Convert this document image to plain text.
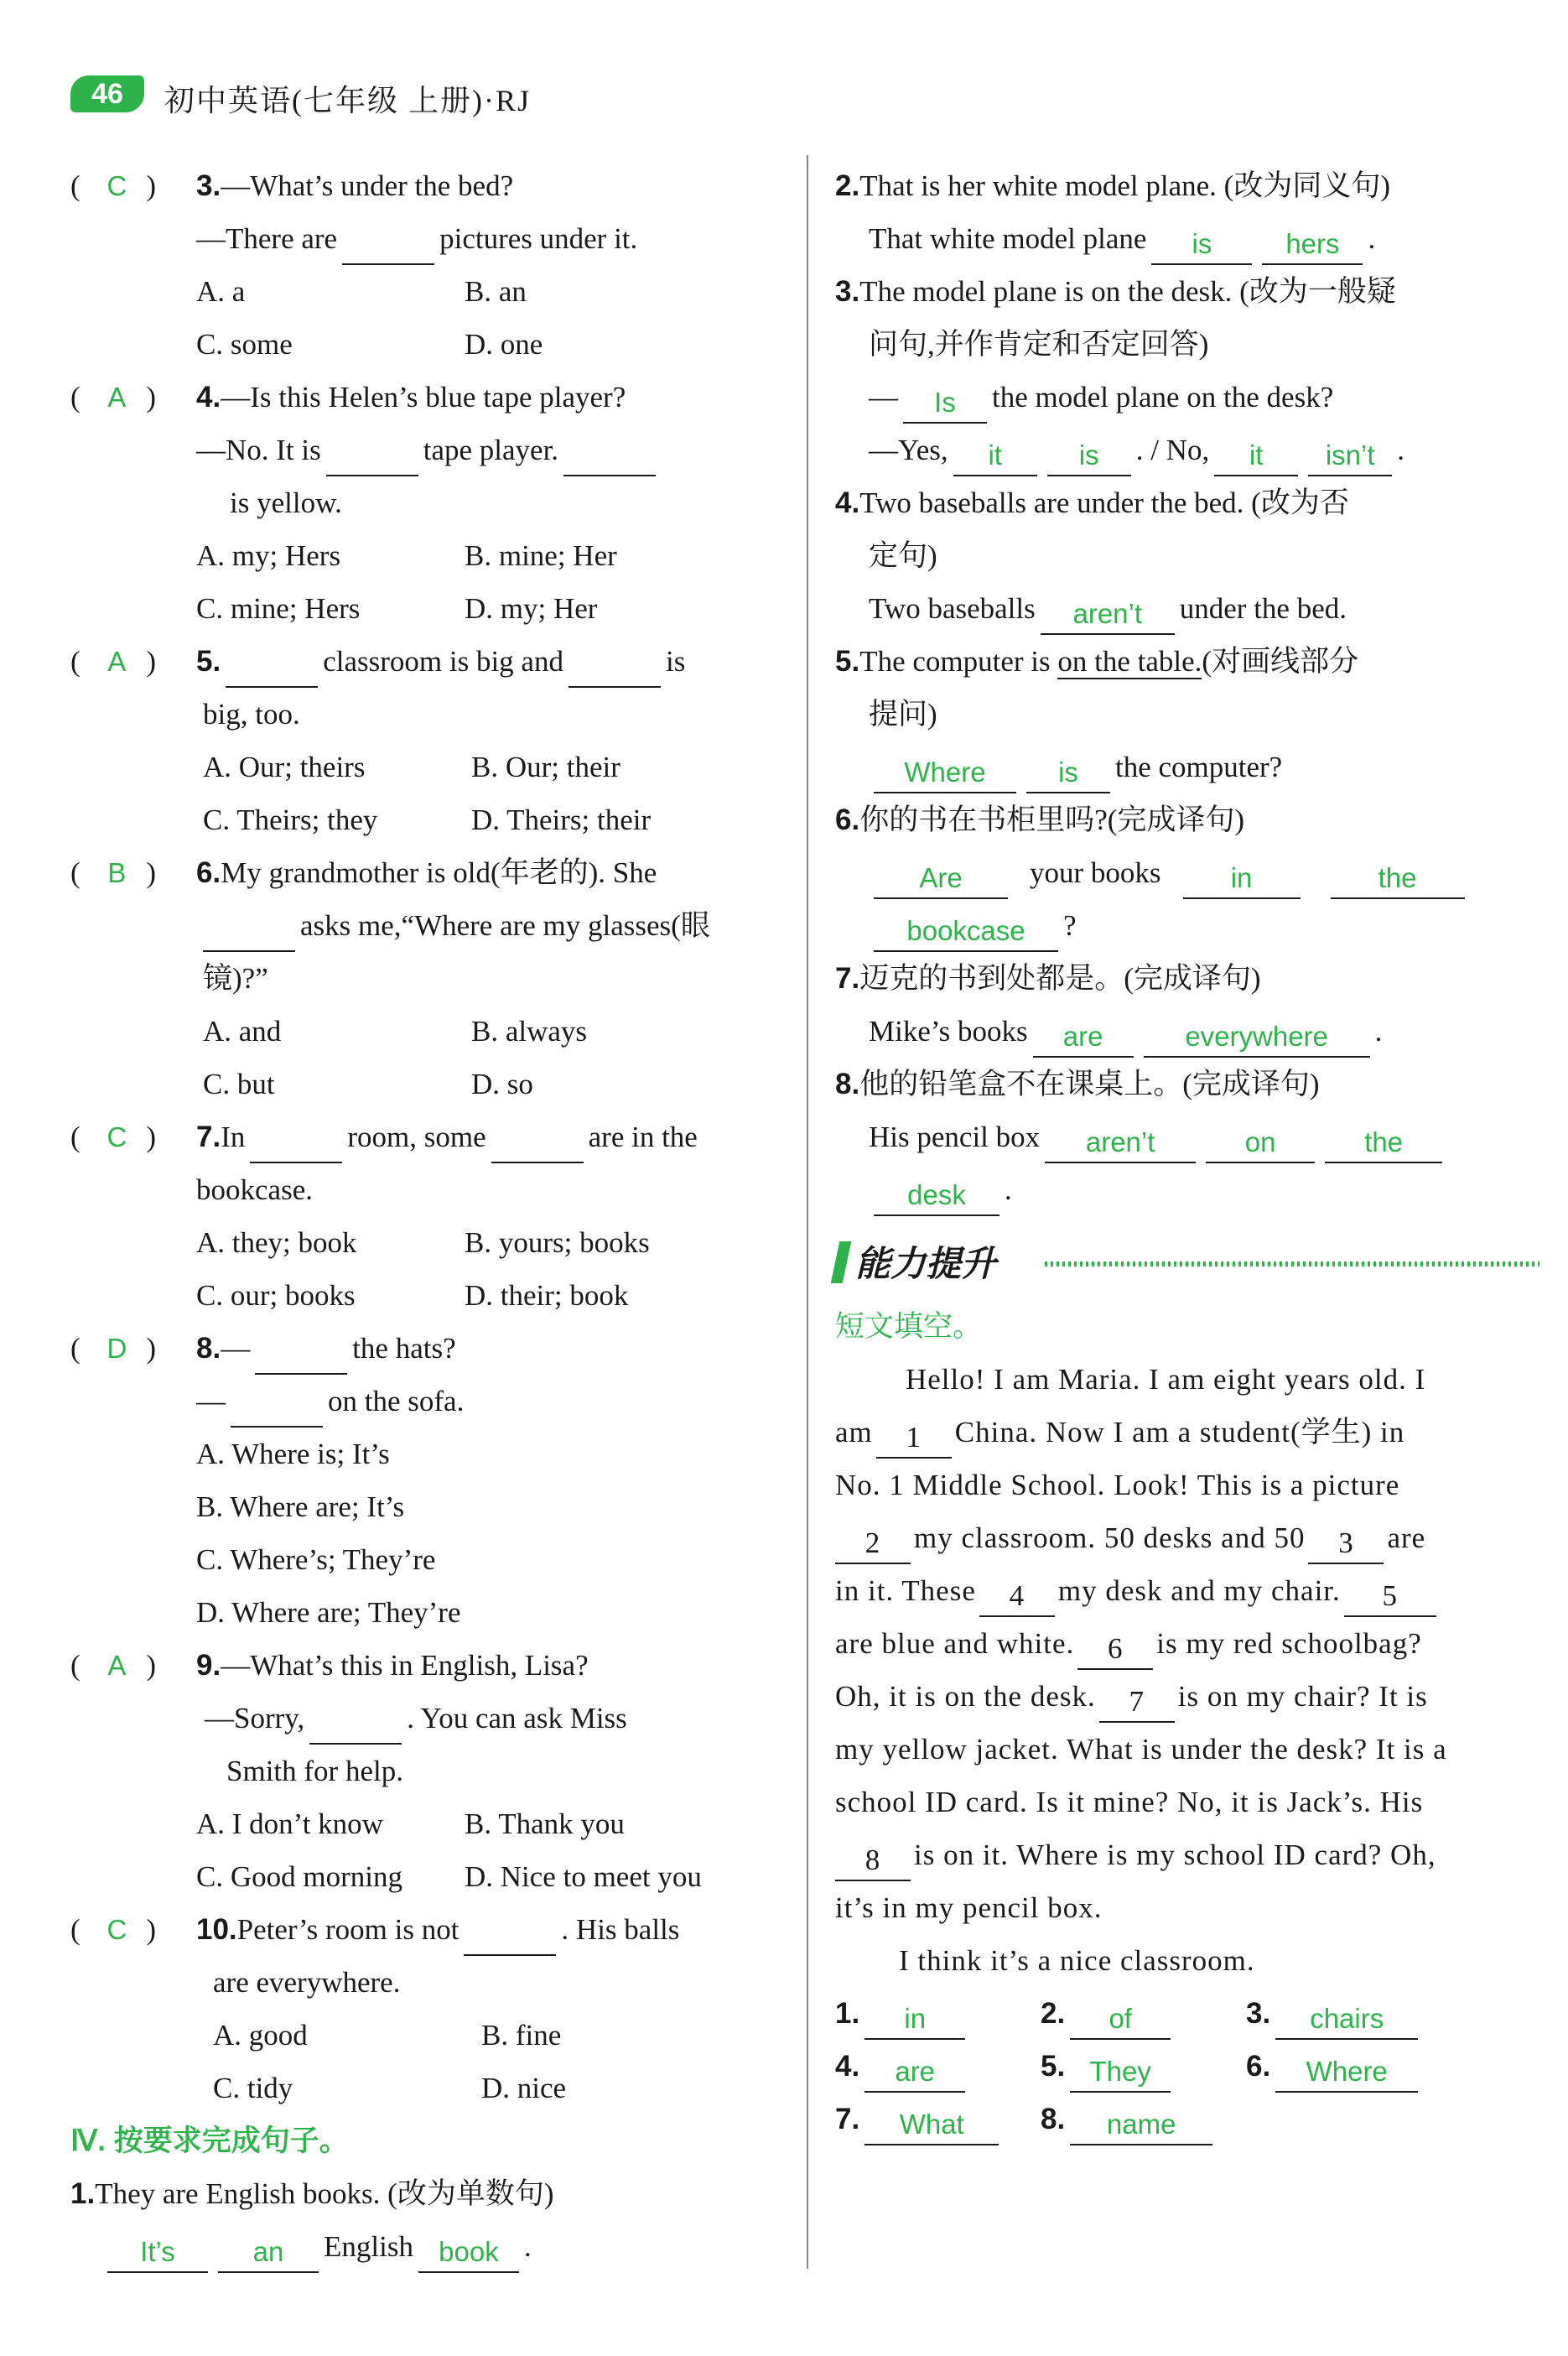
46	初中英语(七年级 上册)·RJ
( C ) 3.—What’s under the bed?
—There are	pictures under it.
A. a	B. an
C. some	D. one
( A ) 4.—Is this Helen’s blue tape player?
—No. It is	tape player.
is yellow.
A. my; Hers	B. mine; Her
C. mine; Hers	D. my; Her
( A ) 5.	classroom is big and	is
big, too.
A. Our; theirs	B. Our; their
C. Theirs; they	D. Theirs; their
( B ) 6.My grandmother is old(年老的). She
asks me,“Where are my glasses(眼
镜)?”
A. and	B. always
C. but	D. so
( C ) 7.In	room, some	are in the
bookcase.
A. they; book	B. yours; books
C. our; books	D. their; book
( D ) 8.—	the hats?
—	on the sofa.
A. Where is; It’s
B. Where are; It’s
C. Where’s; They’re
D. Where are; They’re
( A ) 9.—What’s this in English, Lisa?
—Sorry,	. You can ask Miss
Smith for help.
A. I don’t know	B. Thank you
C. Good morning D. Nice to meet you
( C ) 10.Peter’s room is not	. His balls
are everywhere.
A. good	B. fine
C. tidy	D. nice
Ⅳ. 按要求完成句子。
1.They are English books. (改为单数句)
It’s	an English book .
2.That is her white model plane. (改为同义句)
That white model plane is	hers .
3.The model plane is on the desk. (改为一般疑
问句,并作肯定和否定回答)
— Is the model plane on the desk?
—Yes, it	is . / No, it isn’t .
4.Two baseballs are under the bed. (改为否
定句)
Two baseballs aren’t under the bed.
5.The computer is on the table.(对画线部分
提问)
Where	is the computer?
6.你的书在书柜里吗?(完成译句)
Are your books	in	the
bookcase ?
7.迈克的书到处都是。(完成译句)
Mike’s books are	everywhere .
8.他的铅笔盒不在课桌上。(完成译句)
His pencil box aren’t	on	the
desk .
能力提升
短文填空。
Hello! I am Maria. I am eight years old. I
am 1 China. Now I am a student(学生) in
No. 1 Middle School. Look! This is a picture
2 my classroom. 50 desks and 50 3 are
in it. These 4 my desk and my chair. 5
are blue and white. 6 is my red schoolbag?
Oh, it is on the desk. 7 is on my chair? It is
my yellow jacket. What is under the desk? It is a
school ID card. Is it mine? No, it is Jack’s. His
8 is on it. Where is my school ID card? Oh,
it’s in my pencil box.
I think it’s a nice classroom.
1. in	2. of	3. chairs
4. are	5. They	6. Where
7. What	8. name
